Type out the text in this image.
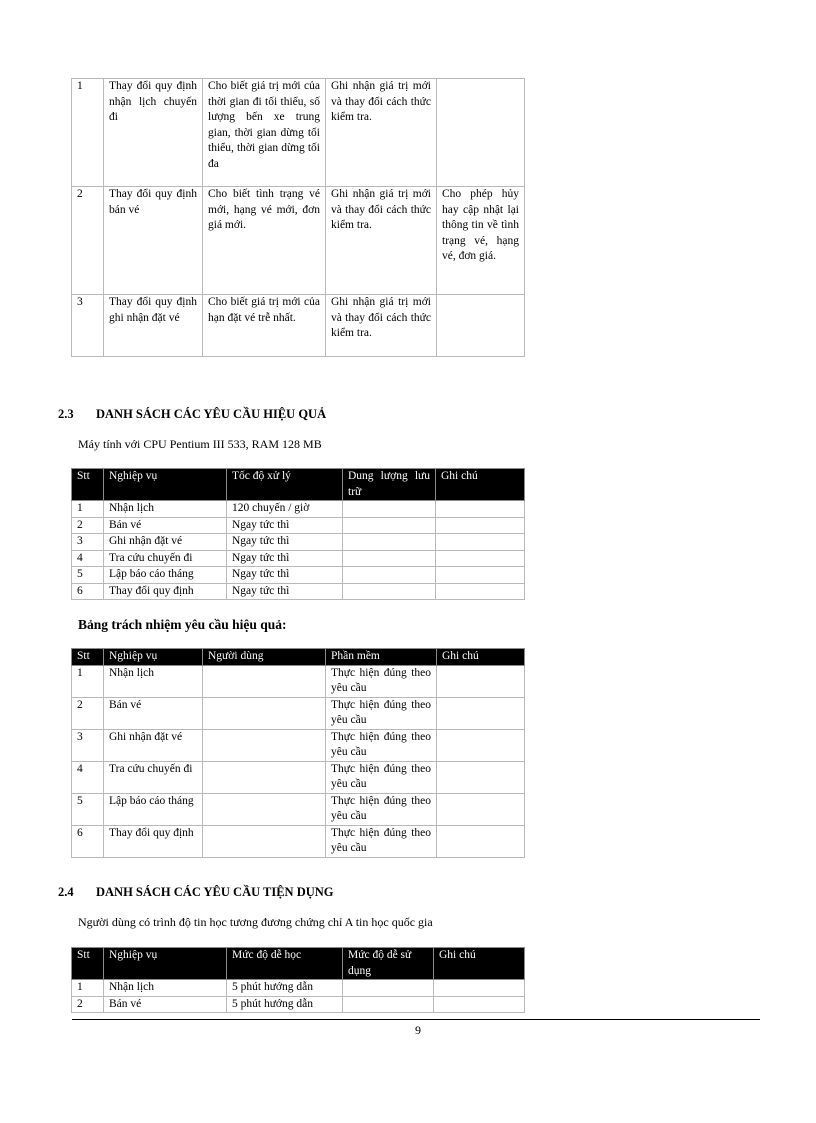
1	Thay đổi quy định nhận lịch chuyến đi	Cho biết giá trị mới của thời gian đi tối thiểu, số lượng bến xe trung gian, thời gian dừng tối thiểu, thời gian dừng tối đa	Ghi nhận giá trị mới và thay đổi cách thức kiểm tra.	
2	Thay đổi quy định bán vé	Cho biết tình trạng vé mới, hạng vé mới, đơn giá mới.	Ghi nhận giá trị mới và thay đổi cách thức kiểm tra.	Cho phép hủy hay cập nhật lại thông tin về tình trạng vé, hạng vé, đơn giá.
3	Thay đổi quy định ghi nhận đặt vé	Cho biết giá trị mới của hạn đặt vé trễ nhất.	Ghi nhận giá trị mới và thay đổi cách thức kiểm tra.	
2.3 DANH SÁCH CÁC YÊU CẦU HIỆU QUẢ
Máy tính với CPU Pentium III 533, RAM 128 MB
Stt	Nghiệp vụ	Tốc độ xử lý	Dung lượng lưu trữ	Ghi chú
1	Nhận lịch	120 chuyến / giờ		
2	Bán vé	Ngay tức thì		
3	Ghi nhận đặt vé	Ngay tức thì		
4	Tra cứu chuyến đi	Ngay tức thì		
5	Lập báo cáo tháng	Ngay tức thì		
6	Thay đổi quy định	Ngay tức thì		
Bảng trách nhiệm yêu cầu hiệu quả:
Stt	Nghiệp vụ	Người dùng	Phần mềm	Ghi chú
1	Nhận lịch		Thực hiện đúng theo yêu cầu	
2	Bán vé		Thực hiện đúng theo yêu cầu	
3	Ghi nhận đặt vé		Thực hiện đúng theo yêu cầu	
4	Tra cứu chuyến đi		Thực hiện đúng theo yêu cầu	
5	Lập báo cáo tháng		Thực hiện đúng theo yêu cầu	
6	Thay đổi quy định		Thực hiện đúng theo yêu cầu	
2.4 DANH SÁCH CÁC YÊU CẦU TIỆN DỤNG
Người dùng có trình độ tin học tương đương chứng chỉ A tin học quốc gia
Stt	Nghiệp vụ	Mức độ dễ học	Mức độ dễ sử dụng	Ghi chú
1	Nhận lịch	5 phút hướng dẫn		
2	Bán vé	5 phút hướng dẫn		
9
